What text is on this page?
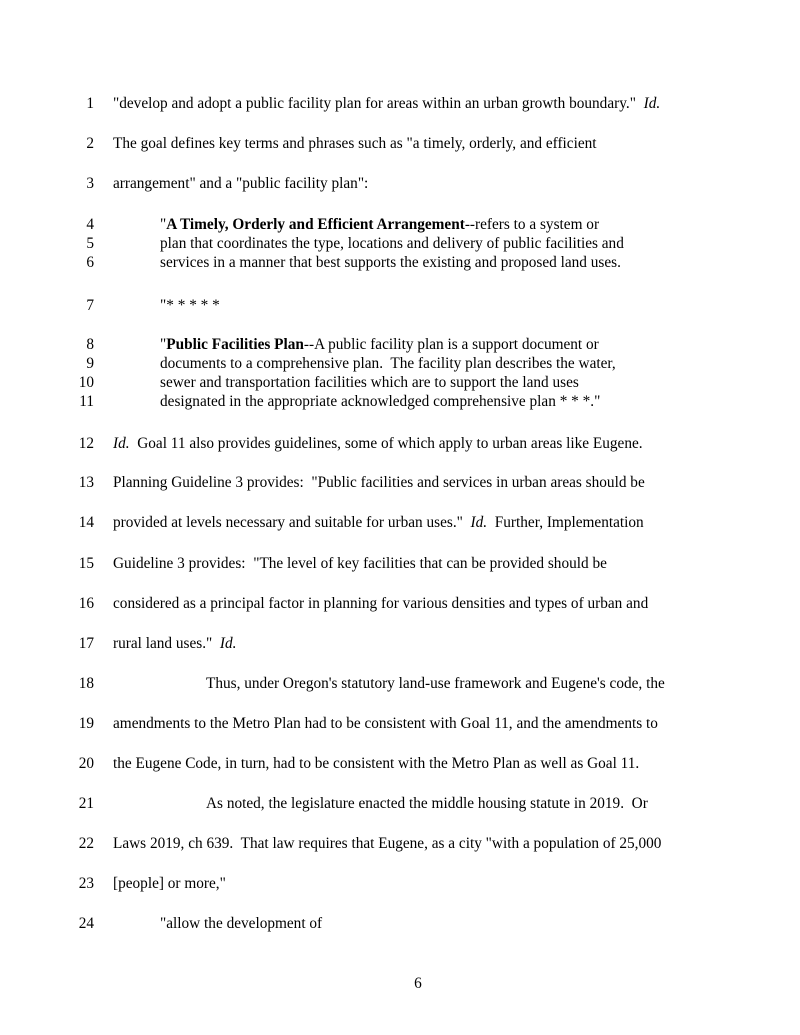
1 "develop and adopt a public facility plan for areas within an urban growth boundary."  Id.
2 The goal defines key terms and phrases such as "a timely, orderly, and efficient
3 arrangement" and a "public facility plan":
4	"A Timely, Orderly and Efficient Arrangement--refers to a system or
5	plan that coordinates the type, locations and delivery of public facilities and
6	services in a manner that best supports the existing and proposed land uses.
7	"* * * * *
8	"Public Facilities Plan--A public facility plan is a support document or
9	documents to a comprehensive plan.  The facility plan describes the water,
10	sewer and transportation facilities which are to support the land uses
11	designated in the appropriate acknowledged comprehensive plan * * *."
12 Id.  Goal 11 also provides guidelines, some of which apply to urban areas like Eugene.
13 Planning Guideline 3 provides:  "Public facilities and services in urban areas should be
14 provided at levels necessary and suitable for urban uses."  Id.  Further, Implementation
15 Guideline 3 provides:  "The level of key facilities that can be provided should be
16 considered as a principal factor in planning for various densities and types of urban and
17 rural land uses."  Id.
18	Thus, under Oregon's statutory land-use framework and Eugene's code, the
19 amendments to the Metro Plan had to be consistent with Goal 11, and the amendments to
20 the Eugene Code, in turn, had to be consistent with the Metro Plan as well as Goal 11.
21	As noted, the legislature enacted the middle housing statute in 2019.  Or
22 Laws 2019, ch 639.  That law requires that Eugene, as a city "with a population of 25,000
23 [people] or more,"
24	"allow the development of
6
